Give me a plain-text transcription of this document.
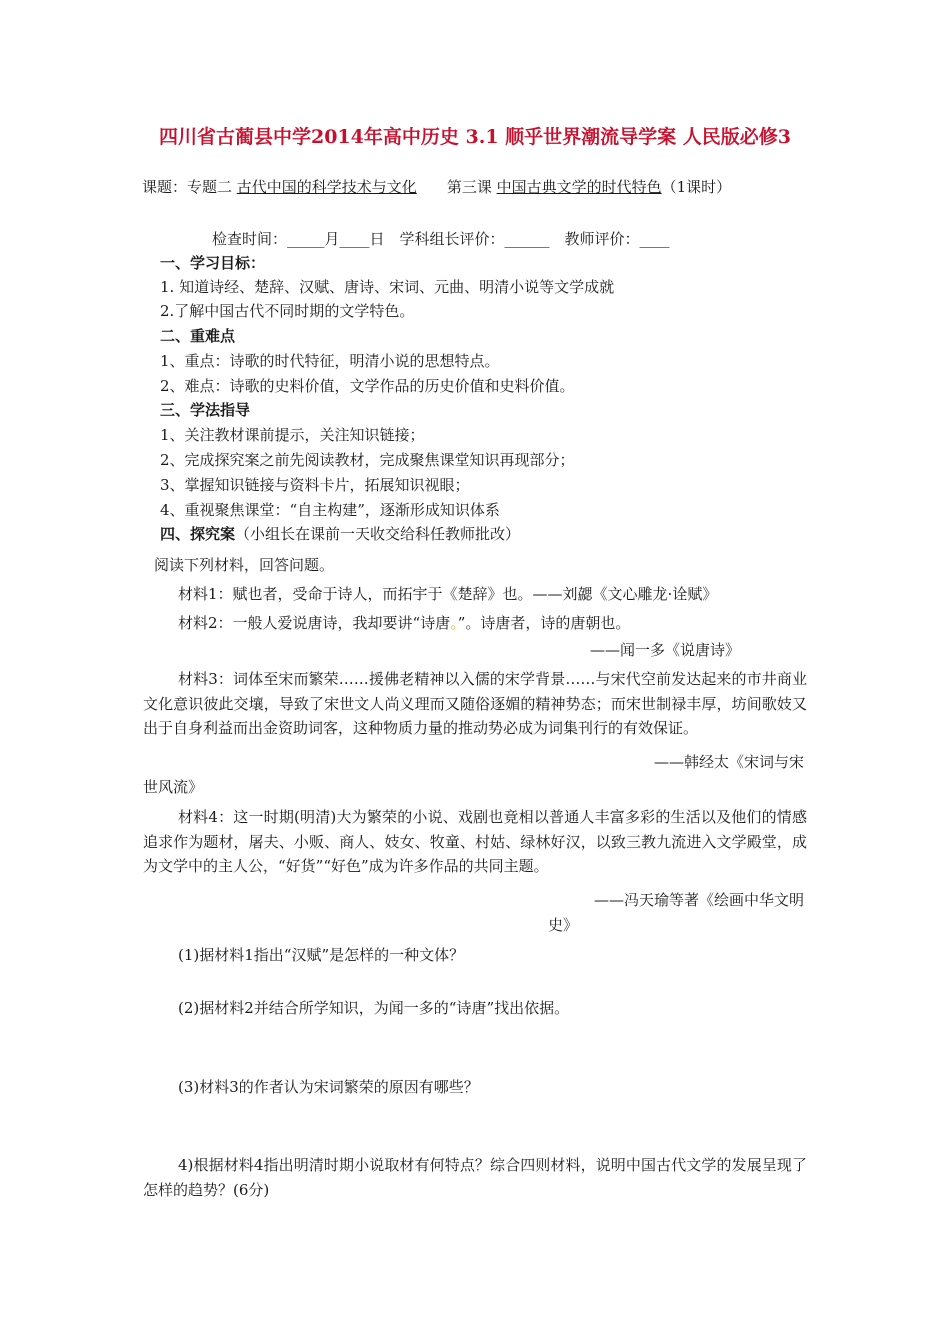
四川省古蔺县中学2014年高中历史 3.1 顺乎世界潮流导学案 人民版必修3
课题：专题二 古代中国的科学技术与文化　　 第三课 中国古典文学的时代特色（1课时）
检查时间：_____月____日　学科组长评价：______　教师评价：____
一、学习目标：
1. 知道诗经、楚辞、汉赋、唐诗、宋词、元曲、明清小说等文学成就
2.了解中国古代不同时期的文学特色。
二、重难点
1、重点：诗歌的时代特征，明清小说的思想特点。
2、难点：诗歌的史料价值，文学作品的历史价值和史料价值。
三、学法指导
1、关注教材课前提示，关注知识链接；
2、完成探究案之前先阅读教材，完成聚焦课堂知识再现部分；
3、掌握知识链接与资料卡片，拓展知识视眼；
4、重视聚焦课堂：“自主构建”，逐渐形成知识体系
四、探究案（小组长在课前一天收交给科任教师批改）
阅读下列材料，回答问题。
材料1：赋也者，受命于诗人，而拓宇于《楚辞》也。——刘勰《文心雕龙·诠赋》
材料2：一般人爱说唐诗，我却要讲“诗唐。”。诗唐者，诗的唐朝也。
——闻一多《说唐诗》
材料3：词体至宋而繁荣……援佛老精神以入儒的宋学背景……与宋代空前发达起来的市井商业文化意识彼此交壤，导致了宋世文人尚义理而又随俗逐媚的精神势态；而宋世制禄丰厚，坊间歌妓又出于自身利益而出金资助词客，这种物质力量的推动势必成为词集刊行的有效保证。
——韩经太《宋词与宋
世风流》
材料4：这一时期(明清)大为繁荣的小说、戏剧也竟相以普通人丰富多彩的生活以及他们的情感追求作为题材，屠夫、小贩、商人、妓女、牧童、村姑、绿林好汉，以致三教九流进入文学殿堂，成为文学中的主人公，“好货”“好色”成为许多作品的共同主题。
——冯天瑜等著《绘画中华文明
史》
(1)据材料1指出“汉赋”是怎样的一种文体？
(2)据材料2并结合所学知识，为闻一多的“诗唐”找出依据。
(3)材料3的作者认为宋词繁荣的原因有哪些？
4)根据材料4指出明清时期小说取材有何特点？综合四则材料，说明中国古代文学的发展呈现了怎样的趋势？(6分)
